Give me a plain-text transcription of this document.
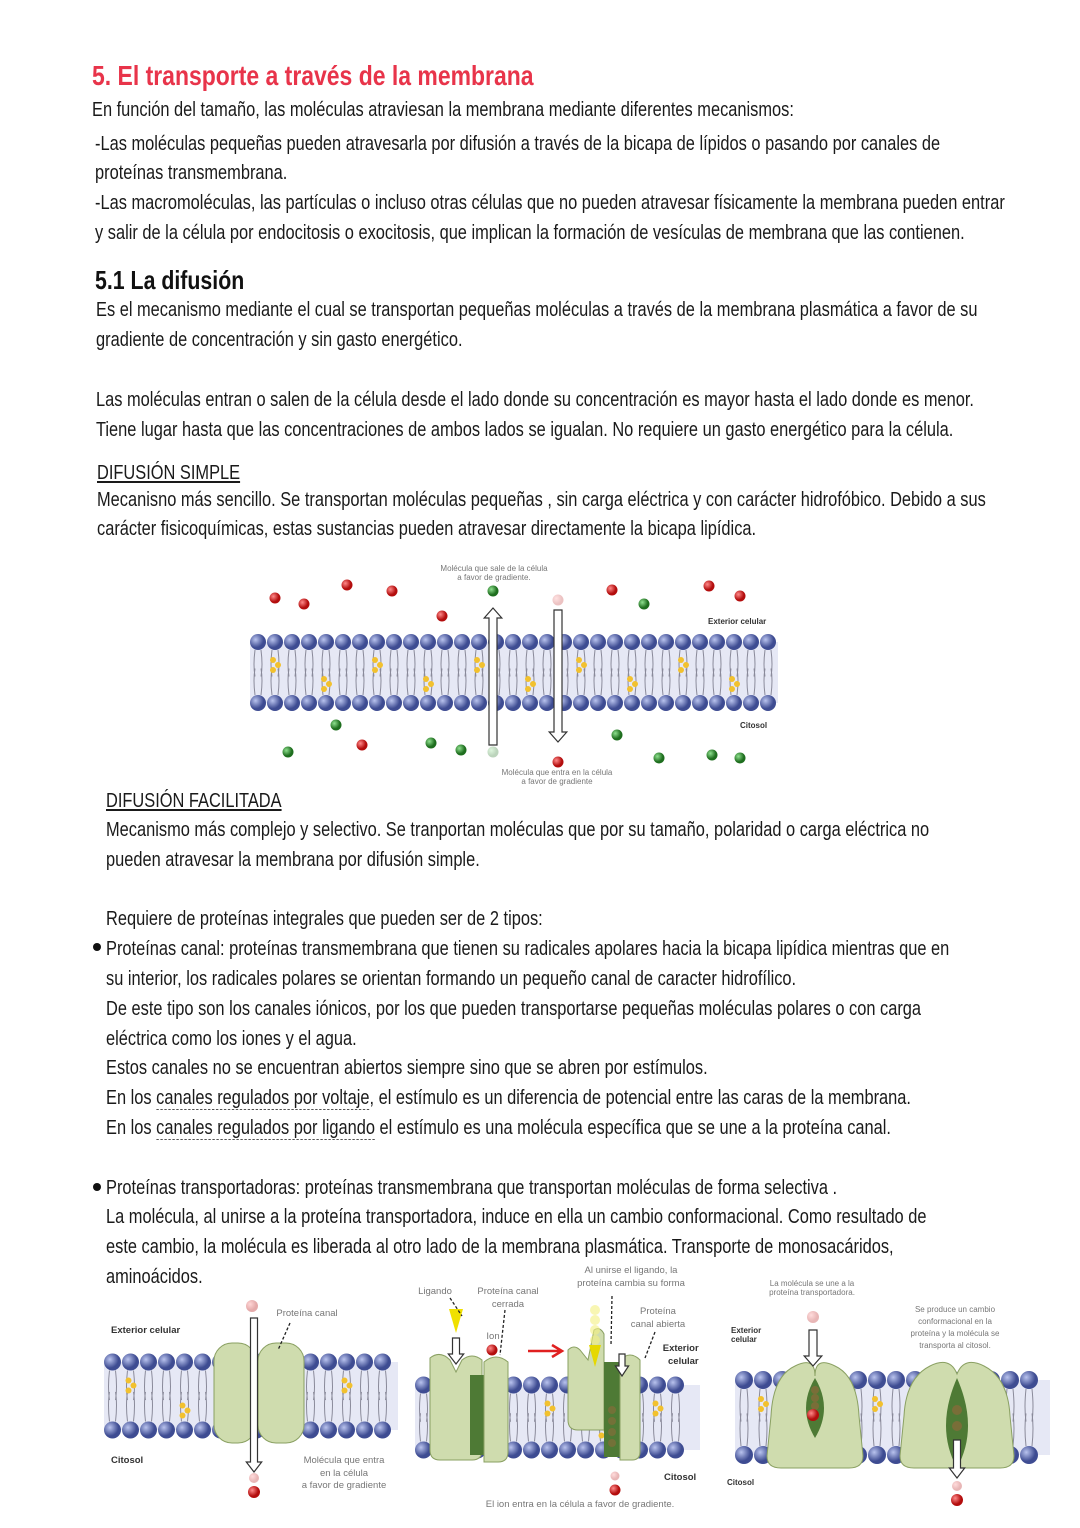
5. El transporte a través de la membrana
En función del tamaño, las moléculas atraviesan la membrana mediante diferentes mecanismos:
-Las moléculas pequeñas pueden atravesarla por difusión a través de la bicapa de lípidos o pasando por canales de
proteínas transmembrana.
-Las macromoléculas, las partículas o incluso otras células que no pueden atravesar físicamente la membrana pueden entrar
y salir de la célula por endocitosis o exocitosis, que implican la formación de vesículas de membrana que las contienen.
5.1 La difusión
Es el mecanismo mediante el cual se transportan pequeñas moléculas a través de la membrana plasmática a favor de su
gradiente de concentración y sin gasto energético.
Las moléculas entran o salen de la célula desde el lado donde su concentración es mayor hasta el lado donde es menor.
Tiene lugar hasta que las concentraciones de ambos lados se igualan. No requiere un gasto energético para la célula.
DIFUSIÓN SIMPLE
Mecanisno más sencillo. Se transportan moléculas pequeñas , sin carga eléctrica y con carácter hidrofóbico. Debido a sus
carácter fisicoquímicas, estas sustancias pueden atravesar directamente la bicapa lipídica.
Molécula que sale de la célula
a favor de gradiente.
Exterior celular
Citosol
Molécula que entra en la célula
a favor de gradiente
DIFUSIÓN FACILITADA
Mecanismo más complejo y selectivo. Se tranportan moléculas que por su tamaño, polaridad o carga eléctrica no
pueden atravesar la membrana por difusión simple.
Requiere de proteínas integrales que pueden ser de 2 tipos:
Proteínas canal: proteínas transmembrana que tienen su radicales apolares hacia la bicapa lipídica mientras que en
su interior, los radicales polares se orientan formando un pequeño canal de caracter hidrofílico.
De este tipo son los canales iónicos, por los que pueden transportarse pequeñas moléculas polares o con carga
eléctrica como los iones y el agua.
Estos canales no se encuentran abiertos siempre sino que se abren por estímulos.
En los canales regulados por voltaje, el estímulo es un diferencia de potencial entre las caras de la membrana.
En los canales regulados por ligando el estímulo es una molécula específica que se une a la proteína canal.
Proteínas transportadoras: proteínas transmembrana que transportan moléculas de forma selectiva .
La molécula, al unirse a la proteína transportadora, induce en ella un cambio conformacional. Como resultado de
este cambio, la molécula es liberada al otro lado de la membrana plasmática. Transporte de monosacáridos,
aminoácidos.
Exterior celular
Proteína canal
Citosol	Molécula que entra
en la célula
a favor de gradiente
Ligando	Proteína canal
cerrada
Ion
Al unirse el ligando, la
proteína cambia su forma
Proteína
canal abierta
Exterior
celular
Citosol
El ion entra en la célula a favor de gradiente.
La molécula se une a la
proteína transportadora.
Exterior
celular
Se produce un cambio
conformacional en la
proteína y la molécula se
transporta al citosol.
Citosol
